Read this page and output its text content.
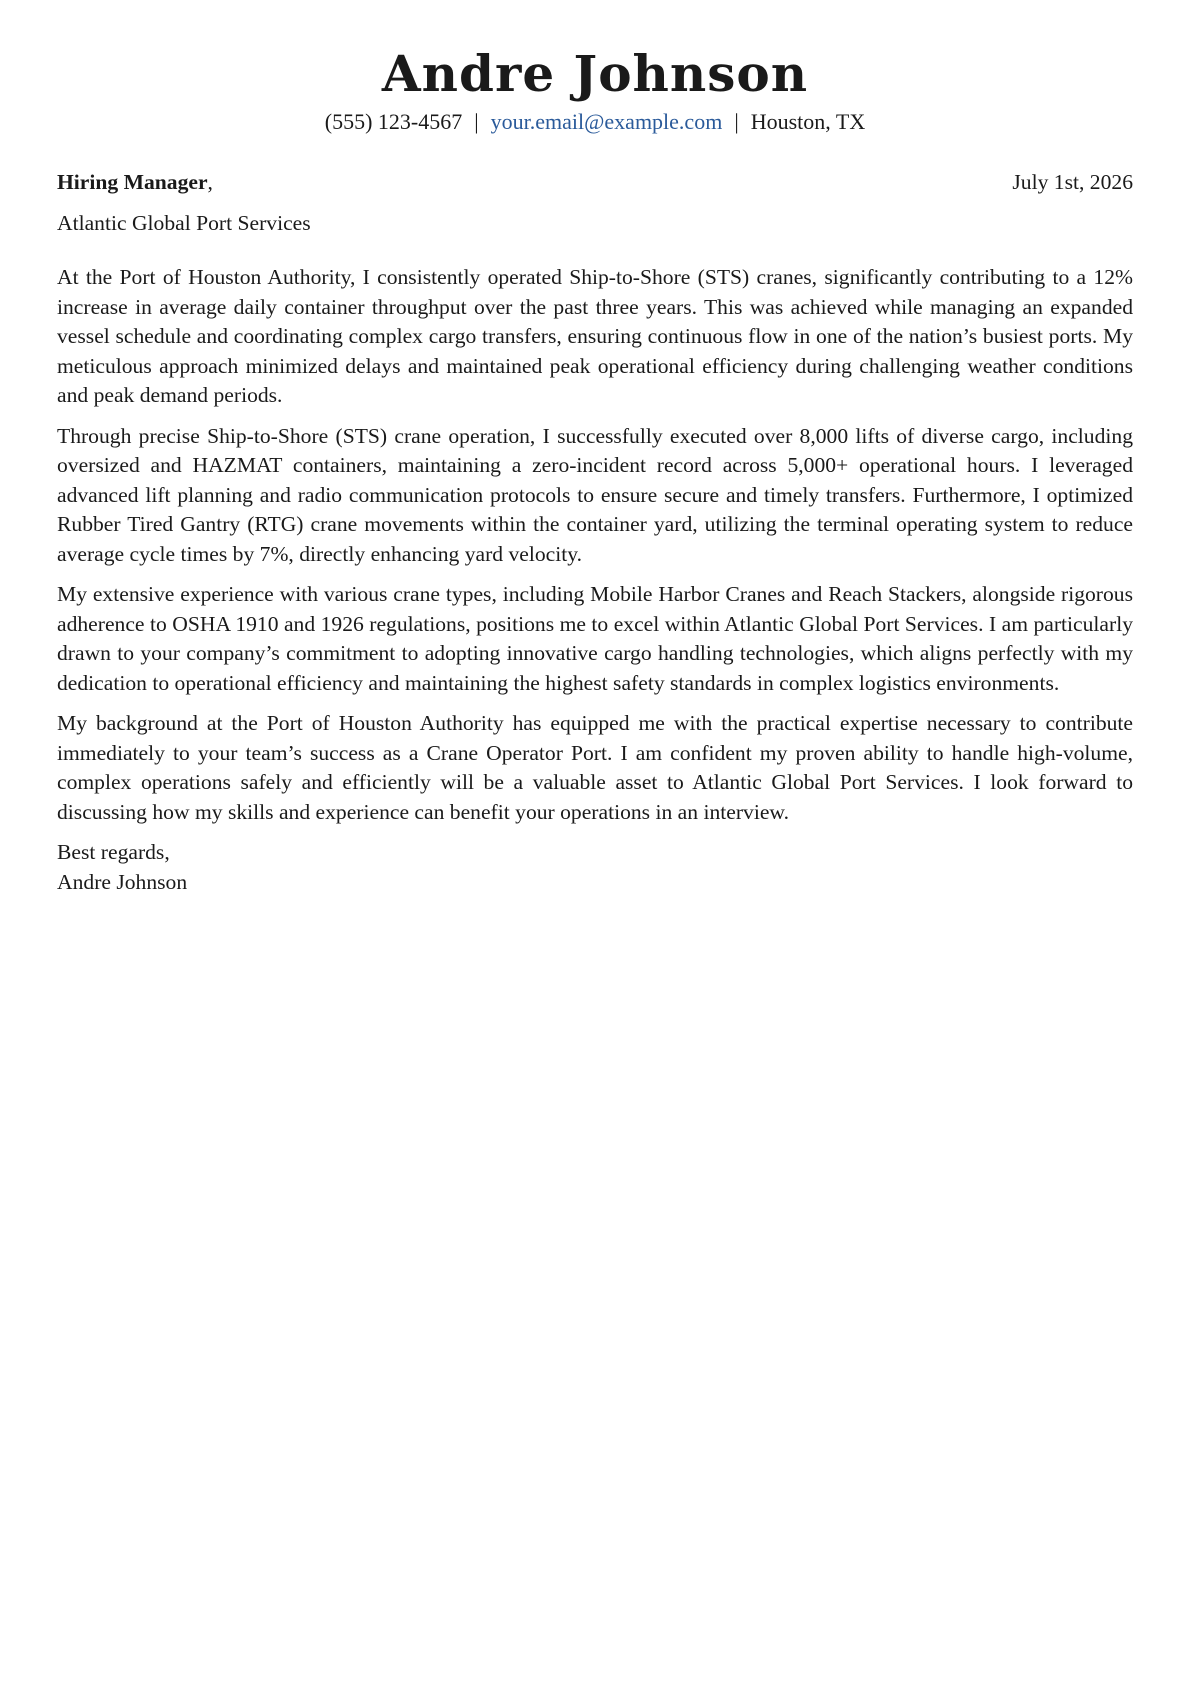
Andre Johnson
(555) 123-4567 | your.email@example.com | Houston, TX
Hiring Manager,	July 1st, 2026
Atlantic Global Port Services

At the Port of Houston Authority, I consistently operated Ship-to-Shore (STS) cranes, significantly contributing to a 12% increase in average daily container throughput over the past three years. This was achieved while managing an expanded vessel schedule and coordinating complex cargo transfers, ensuring continuous flow in one of the nation’s busiest ports. My meticulous approach minimized delays and maintained peak operational efficiency during challenging weather conditions and peak demand periods.

Through precise Ship-to-Shore (STS) crane operation, I successfully executed over 8,000 lifts of diverse cargo, including oversized and HAZMAT containers, maintaining a zero-incident record across 5,000+ operational hours. I leveraged advanced lift planning and radio communication protocols to ensure secure and timely transfers. Furthermore, I optimized Rubber Tired Gantry (RTG) crane movements within the container yard, utilizing the terminal operating system to reduce average cycle times by 7%, directly enhancing yard velocity.

My extensive experience with various crane types, including Mobile Harbor Cranes and Reach Stackers, alongside rigorous adherence to OSHA 1910 and 1926 regulations, positions me to excel within Atlantic Global Port Services. I am particularly drawn to your company’s commitment to adopting innovative cargo handling technologies, which aligns perfectly with my dedication to operational efficiency and maintaining the highest safety standards in complex logistics environments.

My background at the Port of Houston Authority has equipped me with the practical expertise necessary to contribute immediately to your team’s success as a Crane Operator Port. I am confident my proven ability to handle high-volume, complex operations safely and efficiently will be a valuable asset to Atlantic Global Port Services. I look forward to discussing how my skills and experience can benefit your operations in an interview.

Best regards,
Andre Johnson
